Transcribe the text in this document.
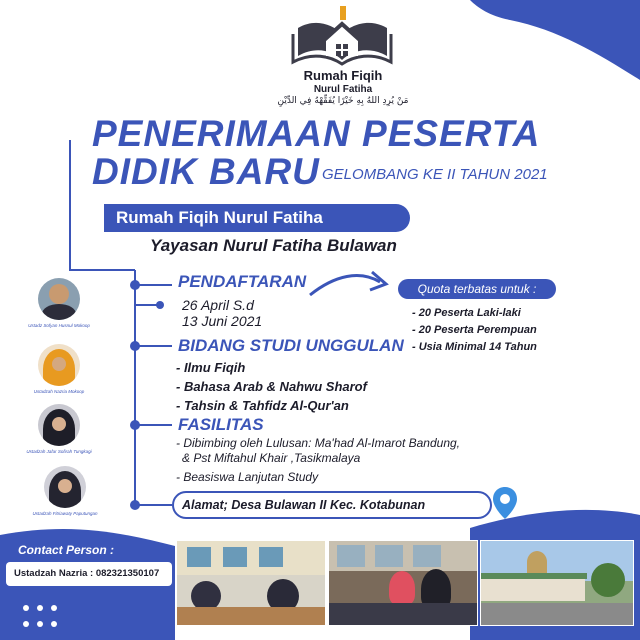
Rumah Fiqih
Nurul Fatiha
مَنْ يُرِدِ اللهُ بِهِ خَيْرًا يُفَقِّهْهُ فِي الدِّيْنِ
PENERIMAAN PESERTA
DIDIK BARU GELOMBANG KE II TAHUN 2021
Rumah Fiqih Nurul Fatiha
Yayasan Nurul Fatiha Bulawan
PENDAFTARAN
26 April S.d
13 Juni 2021
Quota terbatas untuk :
- 20 Peserta Laki-laki
- 20 Peserta Perempuan
- Usia Minimal 14 Tahun
BIDANG STUDI UNGGULAN
- Ilmu Fiqih
- Bahasa Arab & Nahwu Sharof
- Tahsin & Tahfidz Al-Qur'an
FASILITAS
- Dibimbing oleh Lulusan: Ma'had Al-Imarot Bandung,
& Pst Miftahul Khair ,Tasikmalaya
- Beasiswa Lanjutan Study
Alamat; Desa Bulawan II Kec. Kotabunan
Ustadz Sofyan Husnul Mokoop
Ustadzah Nazria Mokoop
Ustadzah Jafar Sofirah Tungkagi
Ustadzah Fitriawaty Paputungan
Contact Person :
Ustadzah Nazria : 082321350107
